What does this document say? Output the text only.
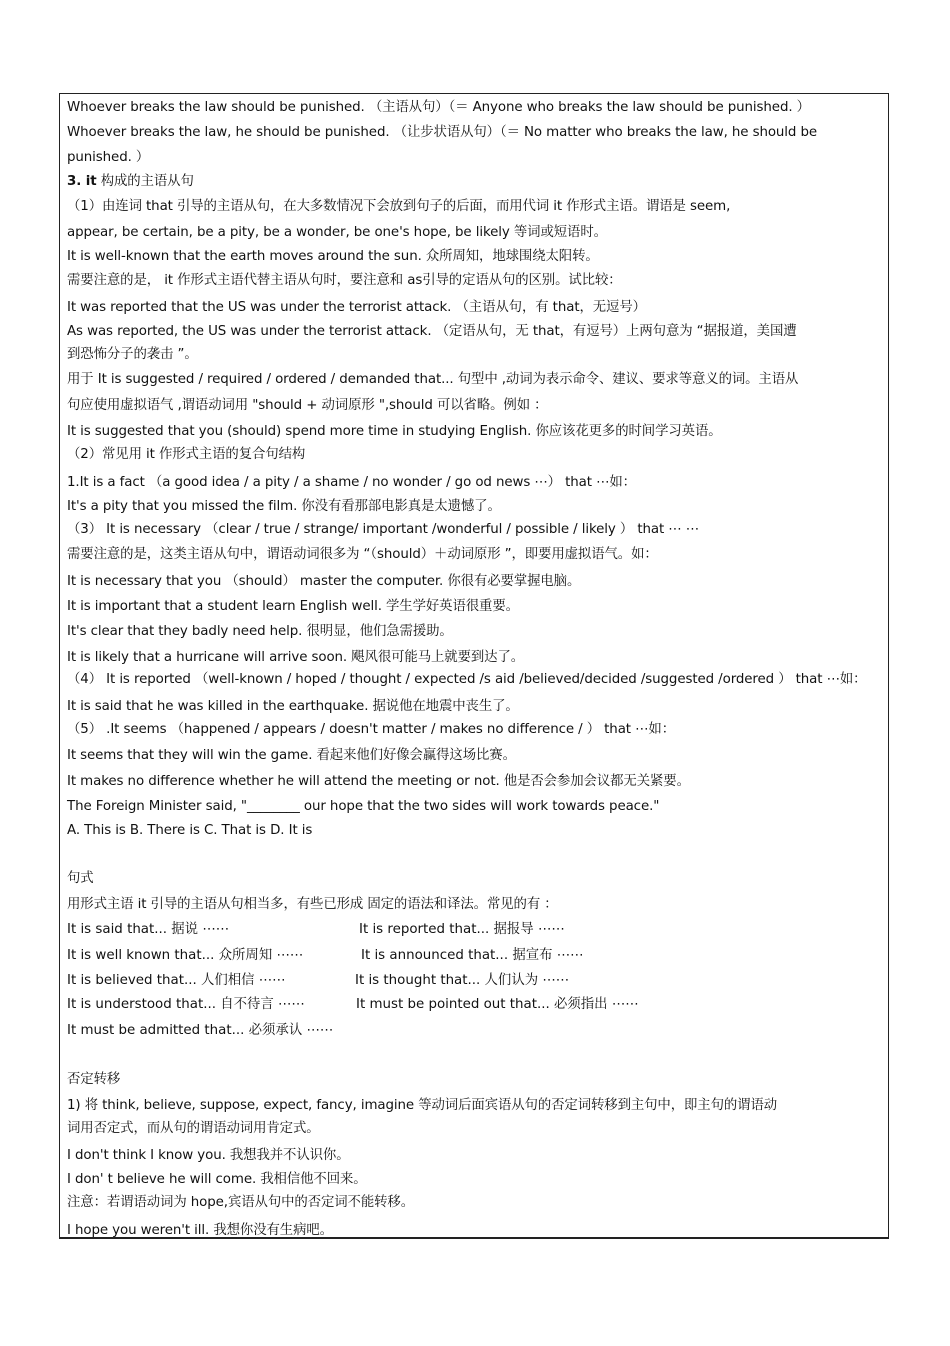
Whoever breaks the law should be punished. （主语从句）（＝ Anyone who breaks the law should be punished. ）
Whoever breaks the law, he should be punished. （让步状语从句）（＝ No matter who breaks the law, he should be
punished. ）
3. it 构成的主语从句
（1）由连词 that 引导的主语从句，在大多数情况下会放到句子的后面，而用代词 it 作形式主语。谓语是 seem,
appear, be certain, be a pity, be a wonder, be one's hope, be likely 等词或短语时。
It is well-known that the earth moves around the sun. 众所周知，地球围绕太阳转。
需要注意的是， it 作形式主语代替主语从句时，要注意和 as引导的定语从句的区别。试比较：
It was reported that the US was under the terrorist attack. （主语从句，有 that，无逗号）
As was reported, the US was under the terrorist attack. （定语从句，无 that，有逗号）上两句意为 “据报道，美国遭
到恐怖分子的袭击 ”。
用于 It is suggested / required / ordered / demanded that... 句型中 ,动词为表示命令、建议、要求等意义的词。主语从
句应使用虚拟语气 ,谓语动词用 "should + 动词原形 ",should 可以省略。例如 ：
It is suggested that you (should) spend more time in studying English. 你应该花更多的时间学习英语。
（2）常见用 it 作形式主语的复合句结构
1.It is a fact （a good idea / a pity / a shame / no wonder / go od news ⋯） that ⋯如：
It's a pity that you missed the film. 你没有看那部电影真是太遗憾了。
（3） It is necessary （clear / true / strange/ important /wonderful / possible / likely ） that ⋯ ⋯
需要注意的是，这类主语从句中，谓语动词很多为 “（should）＋动词原形 ”，即要用虚拟语气。如：
It is necessary that you （should） master the computer. 你很有必要掌握电脑。
It is important that a student learn English well. 学生学好英语很重要。
It's clear that they badly need help. 很明显，他们急需援助。
It is likely that a hurricane will arrive soon. 飓风很可能马上就要到达了。
（4） It is reported （well-known / hoped / thought / expected /s aid /believed/decided /suggested /ordered ） that ⋯如：
It is said that he was killed in the earthquake. 据说他在地震中丧生了。
（5） .It seems （happened / appears / doesn't matter / makes no difference / ） that ⋯如：
It seems that they will win the game. 看起来他们好像会赢得这场比赛。
It makes no difference whether he will attend the meeting or not. 他是否会参加会议都无关紧要。
The Foreign Minister said, "________ our hope that the two sides will work towards peace."
A. This is B. There is C. That is D. It is
句式
用形式主语 it 引导的主语从句相当多，有些已形成 固定的语法和译法。常见的有 ：
It is said that... 据说 ⋯⋯	It is reported that... 据报导 ⋯⋯
It is well known that... 众所周知 ⋯⋯	It is announced that... 据宣布 ⋯⋯
It is believed that... 人们相信 ⋯⋯	It is thought that... 人们认为 ⋯⋯
It is understood that... 自不待言 ⋯⋯	It must be pointed out that... 必须指出 ⋯⋯
It must be admitted that... 必须承认 ⋯⋯
否定转移
1) 将 think, believe, suppose, expect, fancy, imagine 等动词后面宾语从句的否定词转移到主句中，即主句的谓语动
词用否定式，而从句的谓语动词用肯定式。
I don't think I know you. 我想我并不认识你。
I don' t believe he will come. 我相信他不回来。
注意：若谓语动词为 hope,宾语从句中的否定词不能转移。
I hope you weren't ill. 我想你没有生病吧。
